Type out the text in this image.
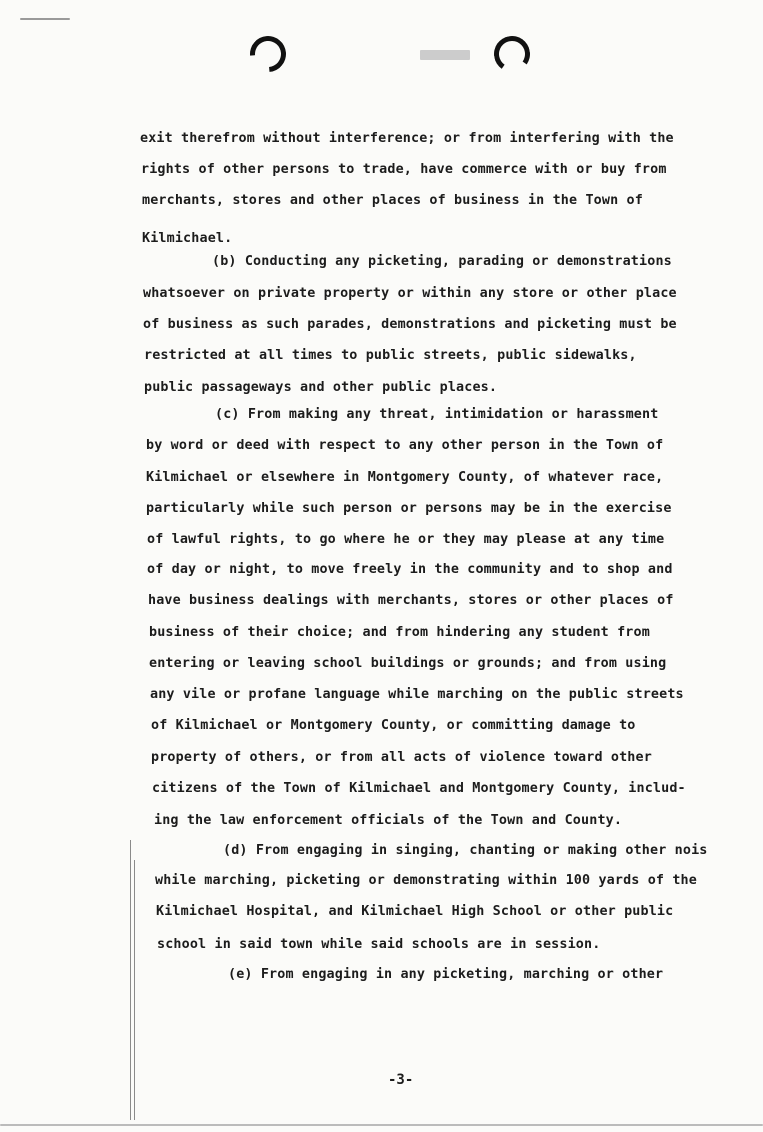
exit therefrom without interference; or from interfering with the
rights of other persons to trade, have commerce with or buy from
merchants, stores and other places of business in the Town of
Kilmichael.
(b) Conducting any picketing, parading or demonstrations
whatsoever on private property or within any store or other place
of business as such parades, demonstrations and picketing must be
restricted at all times to public streets, public sidewalks,
public passageways and other public places.
(c) From making any threat, intimidation or harassment
by word or deed with respect to any other person in the Town of
Kilmichael or elsewhere in Montgomery County, of whatever race,
particularly while such person or persons may be in the exercise
of lawful rights, to go where he or they may please at any time
of day or night, to move freely in the community and to shop and
have business dealings with merchants, stores or other places of
business of their choice; and from hindering any student from
entering or leaving school buildings or grounds; and from using
any vile or profane language while marching on the public streets
of Kilmichael or Montgomery County, or committing damage to
property of others, or from all acts of violence toward other
citizens of the Town of Kilmichael and Montgomery County, includ-
ing the law enforcement officials of the Town and County.
(d) From engaging in singing, chanting or making other nois
while marching, picketing or demonstrating within 100 yards of the
Kilmichael Hospital, and Kilmichael High School or other public
school in said town while said schools are in session.
(e) From engaging in any picketing, marching or other
-3-
